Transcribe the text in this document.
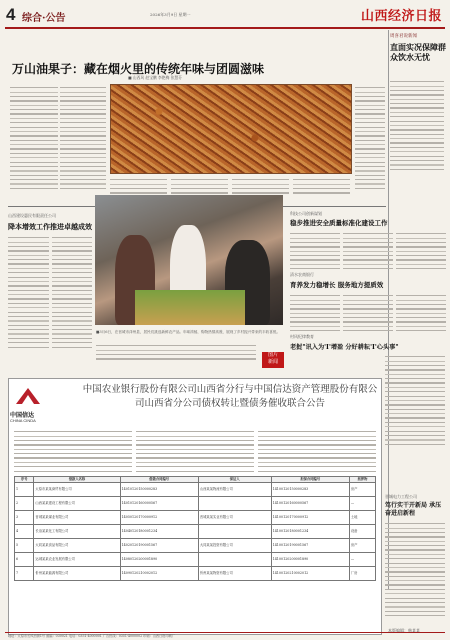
4 综合·公告	2026年3月9日 星期一	山西经济日报
万山油果子：藏在烟火里的传统年味与团圆滋味
■ 山西风 赵宝鹏 李艳梅 张慧芬
周喜君说新闻
直面实况保障群众饮水无忧
科技公司创新谋划
稳步推进安全质量标准化建设工作
清水农商银行
育养发力稳增长 服务地方提质效
村风纪律教育
老挝"讯入为'I'增盈 分好耕耘'I'心头事"
晋城电力工程公司
笃行实干开新局 承压奋进启新程
山西建设惠民有限责任公司
降本增效工作推进卓越成效
图片
新闻
■3月6日，在晋城市泽州县，居民们挑选新鲜农产品。年味浓郁，购物热情高涨，展现了乡村振兴带来的丰收喜悦。
中国信达
CHINA CINDA
中国农业银行股份有限公司山西省分行与中国信达资产管理股份有限公司山西省分公司债权转让暨债务催收联合公告
序号	借款人名称	借款合同编号	保证人	担保合同编号	抵押物
1	太原市某某商贸有限公司	14010120150000283	山西某某物流有限公司	14100120150000283	房产
2	山西某某建设工程有限公司	14010120160000567		14100120160000567	—
3	晋城某某煤业有限公司	14050120170000912	晋城某某实业有限公司	14100120170000912	土地
4	长治某某化工有限公司	14040120180001234		14100120180001234	设备
5	大同某某食品有限公司	14020120190001567	大同某某投资有限公司	14100120190001567	房产
6	运城某某农业发展有限公司	14080120200001890		14100120200001890	—
7	忻州某某能源有限公司	14090120210002012	忻州某某物资有限公司	14100120210002012	厂房
本版编辑：韩某某
地址：太原市长风西街1号 邮编：030021 电话：0351-4000001 广告热线：0351-4000002 印刷：山西日报印刷厂
